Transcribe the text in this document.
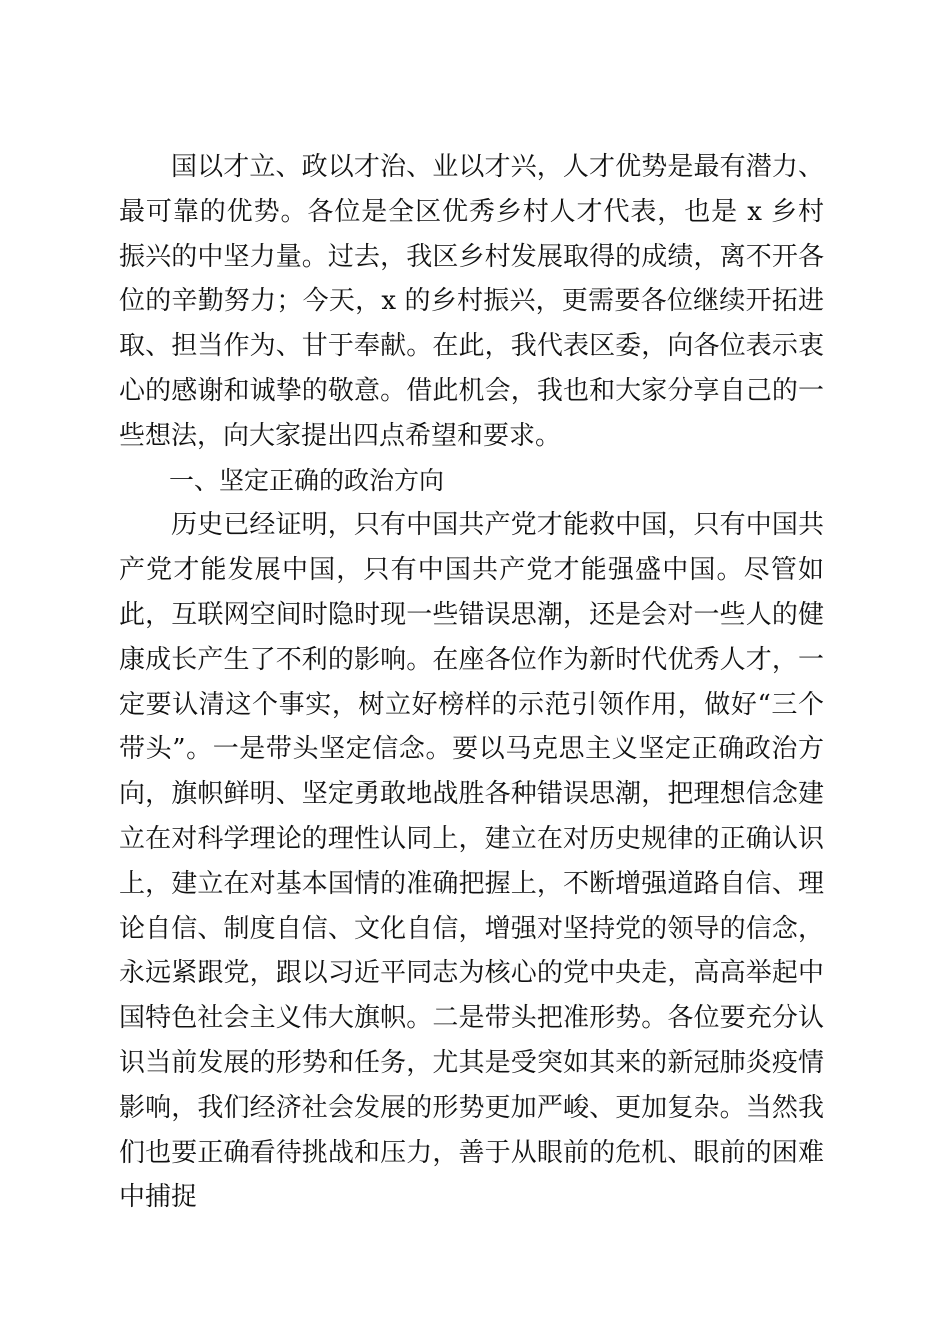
国以才立、政以才治、业以才兴，人才优势是最有潜力、最可靠的优势。各位是全区优秀乡村人才代表，也是 x 乡村振兴的中坚力量。过去，我区乡村发展取得的成绩，离不开各位的辛勤努力；今天，x 的乡村振兴，更需要各位继续开拓进取、担当作为、甘于奉献。在此，我代表区委，向各位表示衷心的感谢和诚挚的敬意。借此机会，我也和大家分享自己的一些想法，向大家提出四点希望和要求。

一、坚定正确的政治方向

历史已经证明，只有中国共产党才能救中国，只有中国共产党才能发展中国，只有中国共产党才能强盛中国。尽管如此，互联网空间时隐时现一些错误思潮，还是会对一些人的健康成长产生了不利的影响。在座各位作为新时代优秀人才，一定要认清这个事实，树立好榜样的示范引领作用，做好“三个带头”。一是带头坚定信念。要以马克思主义坚定正确政治方向，旗帜鲜明、坚定勇敢地战胜各种错误思潮，把理想信念建立在对科学理论的理性认同上，建立在对历史规律的正确认识上，建立在对基本国情的准确把握上，不断增强道路自信、理论自信、制度自信、文化自信，增强对坚持党的领导的信念，永远紧跟党，跟以习近平同志为核心的党中央走，高高举起中国特色社会主义伟大旗帜。二是带头把准形势。各位要充分认识当前发展的形势和任务，尤其是受突如其来的新冠肺炎疫情影响，我们经济社会发展的形势更加严峻、更加复杂。当然我们也要正确看待挑战和压力，善于从眼前的危机、眼前的困难中捕捉
